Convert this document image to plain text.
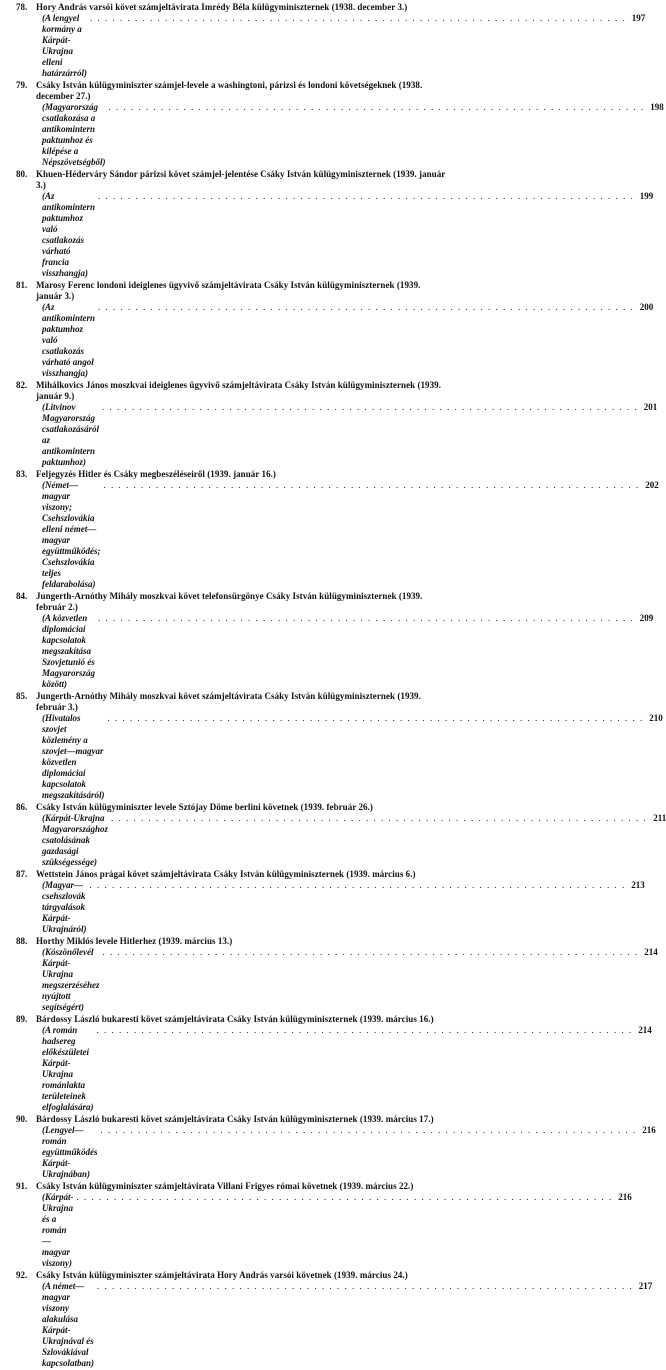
78. Hory András varsói követ számjeltávirata Imrédy Béla külügyminiszternek (1938. december 3.)
(A lengyel kormány a Kárpát-Ukrajna elleni határzárról)
. . . . . . . . . . . . . . . . . . . . . . . . . . . . . . . . . . . . . . . . . . . . . . . . . . . . . . . . . . . . . . . . . . . . . . . . 197
79. Csáky István külügyminiszter számjel-levele a washingtoni, párizsi és londoni követségeknek (1938. december 27.)
(Magyarország csatlakozása a antikomintern paktumhoz és kilépése a Népszövetségből)
. . . . . . . . . . . . . . . . . . . . . . . . . . . . . . . . . . . . . . . . . . . . . . . . . . . . . . . . . . . . . . . . . . . . . . . . 198
80. Khuen-Héderváry Sándor párizsi követ számjel-jelentése Csáky István külügyminiszternek (1939. január 3.)
(Az antikomintern paktumhoz való csatlakozás várható francia visszhangja)
. . . . . . . . . . . . . . . . . . . . . . . . . . . . . . . . . . . . . . . . . . . . . . . . . . . . . . . . . . . . . . . . . . . . . . . . 199
81. Marosy Ferenc londoni ideiglenes ügyvivő számjeltávirata Csáky István külügyminiszternek (1939. január 3.)
(Az antikomintern paktumhoz való csatlakozás várható angol visszhangja)
. . . . . . . . . . . . . . . . . . . . . . . . . . . . . . . . . . . . . . . . . . . . . . . . . . . . . . . . . . . . . . . . . . . . . . . . 200
82. Mihálkovics János moszkvai ideiglenes ügyvivő számjeltávirata Csáky István külügyminiszternek (1939. január 9.)
(Litvinov Magyarország csatlakozásáról az antikomintern paktumhoz)
. . . . . . . . . . . . . . . . . . . . . . . . . . . . . . . . . . . . . . . . . . . . . . . . . . . . . . . . . . . . . . . . . . . . . . . . 201
83. Feljegyzés Hitler és Csáky megbeszéléseiről (1939. január 16.)
(Német—magyar viszony; Csehszlovákia elleni német—magyar együttműködés; Csehszlovákia teljes feldarabolása)
. . . . . . . . . . . . . . . . . . . . . . . . . . . . . . . . . . . . . . . . . . . . . . . . . . . . . . . . . . . . . . . . . . . . . . . . 202
84. Jungerth-Arnóthy Mihály moszkvai követ telefonsürgönye Csáky István külügyminiszternek (1939. február 2.)
(A közvetlen diplomáciai kapcsolatok megszakítása Szovjetunió és Magyarország között)
. . . . . . . . . . . . . . . . . . . . . . . . . . . . . . . . . . . . . . . . . . . . . . . . . . . . . . . . . . . . . . . . . . . . . . . . 209
85. Jungerth-Arnóthy Mihály moszkvai követ számjeltávirata Csáky István külügyminiszternek (1939. február 3.)
(Hivatalos szovjet közlemény a szovjet—magyar közvetlen diplomáciai kapcsolatok megszakításáról)
. . . . . . . . . . . . . . . . . . . . . . . . . . . . . . . . . . . . . . . . . . . . . . . . . . . . . . . . . . . . . . . . . . . . . . . . 210
86. Csáky István külügyminiszter levele Sztójay Döme berlini követnek (1939. február 26.)
(Kárpát-Ukrajna Magyarországhoz csatolásának gazdasági szükségessége)
. . . . . . . . . . . . . . . . . . . . . . . . . . . . . . . . . . . . . . . . . . . . . . . . . . . . . . . . . . . . . . . . . . . . . . . . 211
87. Wettstein János prágai követ számjeltávirata Csáky István külügyminiszternek (1939. március 6.)
(Magyar—csehszlovák tárgyalások Kárpát-Ukrajnáról)
. . . . . . . . . . . . . . . . . . . . . . . . . . . . . . . . . . . . . . . . . . . . . . . . . . . . . . . . . . . . . . . . . . . . . . . . 213
88. Horthy Miklós levele Hitlerhez (1939. március 13.)
(Köszönőlevél Kárpát-Ukrajna megszerzéséhez nyújtott segítségért)
. . . . . . . . . . . . . . . . . . . . . . . . . . . . . . . . . . . . . . . . . . . . . . . . . . . . . . . . . . . . . . . . . . . . . . . . 214
89. Bárdossy László bukaresti követ számjeltávirata Csáky István külügyminiszternek (1939. március 16.)
(A román hadsereg előkészületei Kárpát-Ukrajna románlakta területeinek elfoglalására)
. . . . . . . . . . . . . . . . . . . . . . . . . . . . . . . . . . . . . . . . . . . . . . . . . . . . . . . . . . . . . . . . . . . . . . . . 214
90. Bárdossy László bukaresti követ számjeltávirata Csáky István külügyminiszternek (1939. március 17.)
(Lengyel—román együttműködés Kárpát-Ukrajnában)
. . . . . . . . . . . . . . . . . . . . . . . . . . . . . . . . . . . . . . . . . . . . . . . . . . . . . . . . . . . . . . . . . . . . . . . . 216
91. Csáky István külügyminiszter számjeltávirata Villani Frigyes római követnek (1939. március 22.)
(Kárpát-Ukrajna és a román—magyar viszony)
. . . . . . . . . . . . . . . . . . . . . . . . . . . . . . . . . . . . . . . . . . . . . . . . . . . . . . . . . . . . . . . . . . . . . . . . 216
92. Csáky István külügyminiszter számjeltávirata Hory András varsói követnek (1939. március 24.)
(A német—magyar viszony alakulása Kárpát-Ukrajnával és Szlovákiával kapcsolatban)
. . . . . . . . . . . . . . . . . . . . . . . . . . . . . . . . . . . . . . . . . . . . . . . . . . . . . . . . . . . . . . . . . . . . . . . . 217
